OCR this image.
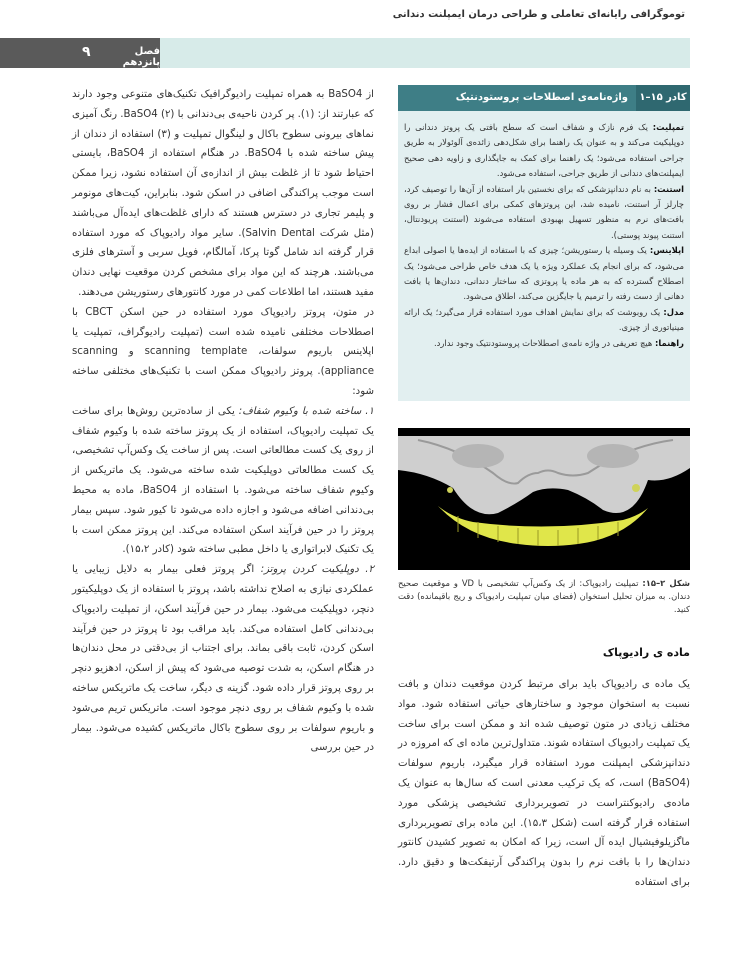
۹	فصل پانزدهم
توموگرافی رایانه‌ای تعاملی و طراحی درمان ایمپلنت دندانی

از BaSO4 به همراه تمپلیت رادیوگرافیک تکنیک‌های متنوعی وجود دارند که عبارتند از: (۱). پر کردن ناحیه‌ی بی‌دندانی با BaSO4 (۲). رنگ آمیزی نماهای بیرونی سطوح باکال و لینگوال تمپلیت و (۳) استفاده از دندان از پیش ساخته شده با BaSO4. در هنگام استفاده از BaSO4، بایستی احتیاط شود تا از غلظت بیش از اندازه‌ی آن استفاده نشود، زیرا ممکن است موجب پراکندگی اضافی در اسکن شود. بنابراین، کیت‌های مونومر و پلیمر تجاری در دسترس هستند که دارای غلظت‌های ایده‌آل می‌باشند (مثل شرکت Salvin Dental). سایر مواد رادیوپاک که مورد استفاده قرار گرفته اند شامل گوتا پرکا، آمالگام، فویل سربی و آسترهای فلزی می‌باشند. هرچند که این مواد برای مشخص کردن موقعیت نهایی دندان مفید هستند، اما اطلاعات کمی در مورد کانتورهای رستوریشن می‌دهند.

در متون، پروتز رادیوپاک مورد استفاده در حین اسکن CBCT با اصطلاحات مختلفی نامیده شده است (تمپلیت رادیوگراف، تمپلیت یا اپلاینس باریوم سولفات، scanning template و scanning appliance). پروتز رادیوپاک ممکن است با تکنیک‌های مختلفی ساخته شود:

۱. ساخته شده با وکیوم شفاف: یکی از ساده‌ترین روش‌ها برای ساخت یک تمپلیت رادیوپاک، استفاده از یک پروتز ساخته شده با وکیوم شفاف از روی یک کست مطالعاتی است. پس از ساخت یک وکس‌آپ تشخیصی، یک کست مطالعاتی دوپلیکیت شده ساخته می‌شود. یک ماتریکس از وکیوم شفاف ساخته می‌شود. با استفاده از BaSO4، ماده به محیط بی‌دندانی اضافه می‌شود و اجازه داده می‌شود تا کیور شود. سپس بیمار پروتز را در حین فرآیند اسکن استفاده می‌کند. این پروتز ممکن است با یک تکنیک لابراتواری یا داخل مطبی ساخته شود (کادر ۱۵،۲).

۲. دوپلیکیت کردن پروتز: اگر پروتز فعلی بیمار به دلایل زیبایی یا عملکردی نیازی به اصلاح نداشته باشد، پروتز با استفاده از یک دوپلیکیتور دنچر، دوپلیکیت می‌شود. بیمار در حین فرآیند اسکن، از تمپلیت رادیوپاک بی‌دندانی کامل استفاده می‌کند. باید مراقب بود تا پروتز در حین فرآیند اسکن کردن، ثابت باقی بماند. برای اجتناب از بی‌دقتی در محل دندان‌ها در هنگام اسکن، به شدت توصیه می‌شود که پیش از اسکن، ادهزیو دنچر بر روی پروتز قرار داده شود. گزینه ی دیگر، ساخت یک ماتریکس ساخته شده با وکیوم شفاف بر روی دنچر موجود است. ماتریکس تریم می‌شود و باریوم سولفات بر روی سطوح باکال ماتریکس کشیده می‌شود. بیمار در حین بررسی

کادر ۱۵–۱
واژه‌نامه‌ی اصطلاحات پروستودنتیک

تمپلیت: یک فرم نازک و شفاف است که سطح بافتی یک پروتز دندانی را دوپلیکیت می‌کند و به عنوان یک راهنما برای شکل‌دهی زائده‌ی آلوئولار به طریق جراحی استفاده می‌شود؛ یک راهنما برای کمک به جایگذاری و زاویه دهی صحیح ایمپلنت‌های دندانی از طریق جراحی، استفاده می‌شود.

استنت: به نام دندانپزشکی که برای نخستین بار استفاده از آن‌ها را توصیف کرد، چارلز آر استنت، نامیده شد، این پروتزهای کمکی برای اعمال فشار بر روی بافت‌های نرم به منظور تسهیل بهبودی استفاده می‌شوند (استنت پریودنتال، استنت پیوند پوستی).

اپلاینس: یک وسیله یا رستوریشن؛ چیزی که با استفاده از ایده‌ها یا اصولی ابداع می‌شود، که برای انجام یک عملکرد ویژه یا یک هدف خاص طراحی می‌شود؛ یک اصطلاح گسترده که به هر ماده یا پروتزی که ساختار دندانی، دندان‌ها یا بافت دهانی از دست رفته را ترمیم یا جایگزین می‌کند، اطلاق می‌شود.

مدل: یک روبوشت که برای نمایش اهداف مورد استفاده قرار می‌گیرد؛ یک ارائه مینیاتوری از چیزی.

راهنما: هیچ تعریفی در واژه نامه‌ی اصطلاحات پروستودنتیک وجود ندارد.

شکل ۲–۱۵: تمپلیت رادیوپاک: از یک وکس‌آپ تشخیصی با VD و موقعیت صحیح دندان. به میزان تحلیل استخوان (فضای میان تمپلیت رادیوپاک و ریج باقیمانده) دقت کنید.
ماده ی رادیوپاک

یک ماده ی رادیوپاک باید برای مرتبط کردن موقعیت دندان و بافت نسبت به استخوان موجود و ساختارهای حیاتی استفاده شود. مواد مختلف زیادی در متون توصیف شده اند و ممکن است برای ساخت یک تمپلیت رادیوپاک استفاده شوند. متداول‌ترین ماده ای که امروزه در دندانپزشکی ایمپلنت مورد استفاده قرار میگیرد، باریوم سولفات (BaSO4) است، که یک ترکیب معدنی است که سال‌ها به عنوان یک ماده‌ی رادیوکنتراست در تصویربرداری تشخیصی پزشکی مورد استفاده قرار گرفته است (شکل ۱۵،۳). این ماده برای تصویربرداری ماگزیلوفیشیال ایده آل است، زیرا که امکان به تصویر کشیدن کانتور دندان‌ها را با بافت نرم را بدون پراکندگی آرتیفکت‌ها و دقیق دارد. برای استفاده
